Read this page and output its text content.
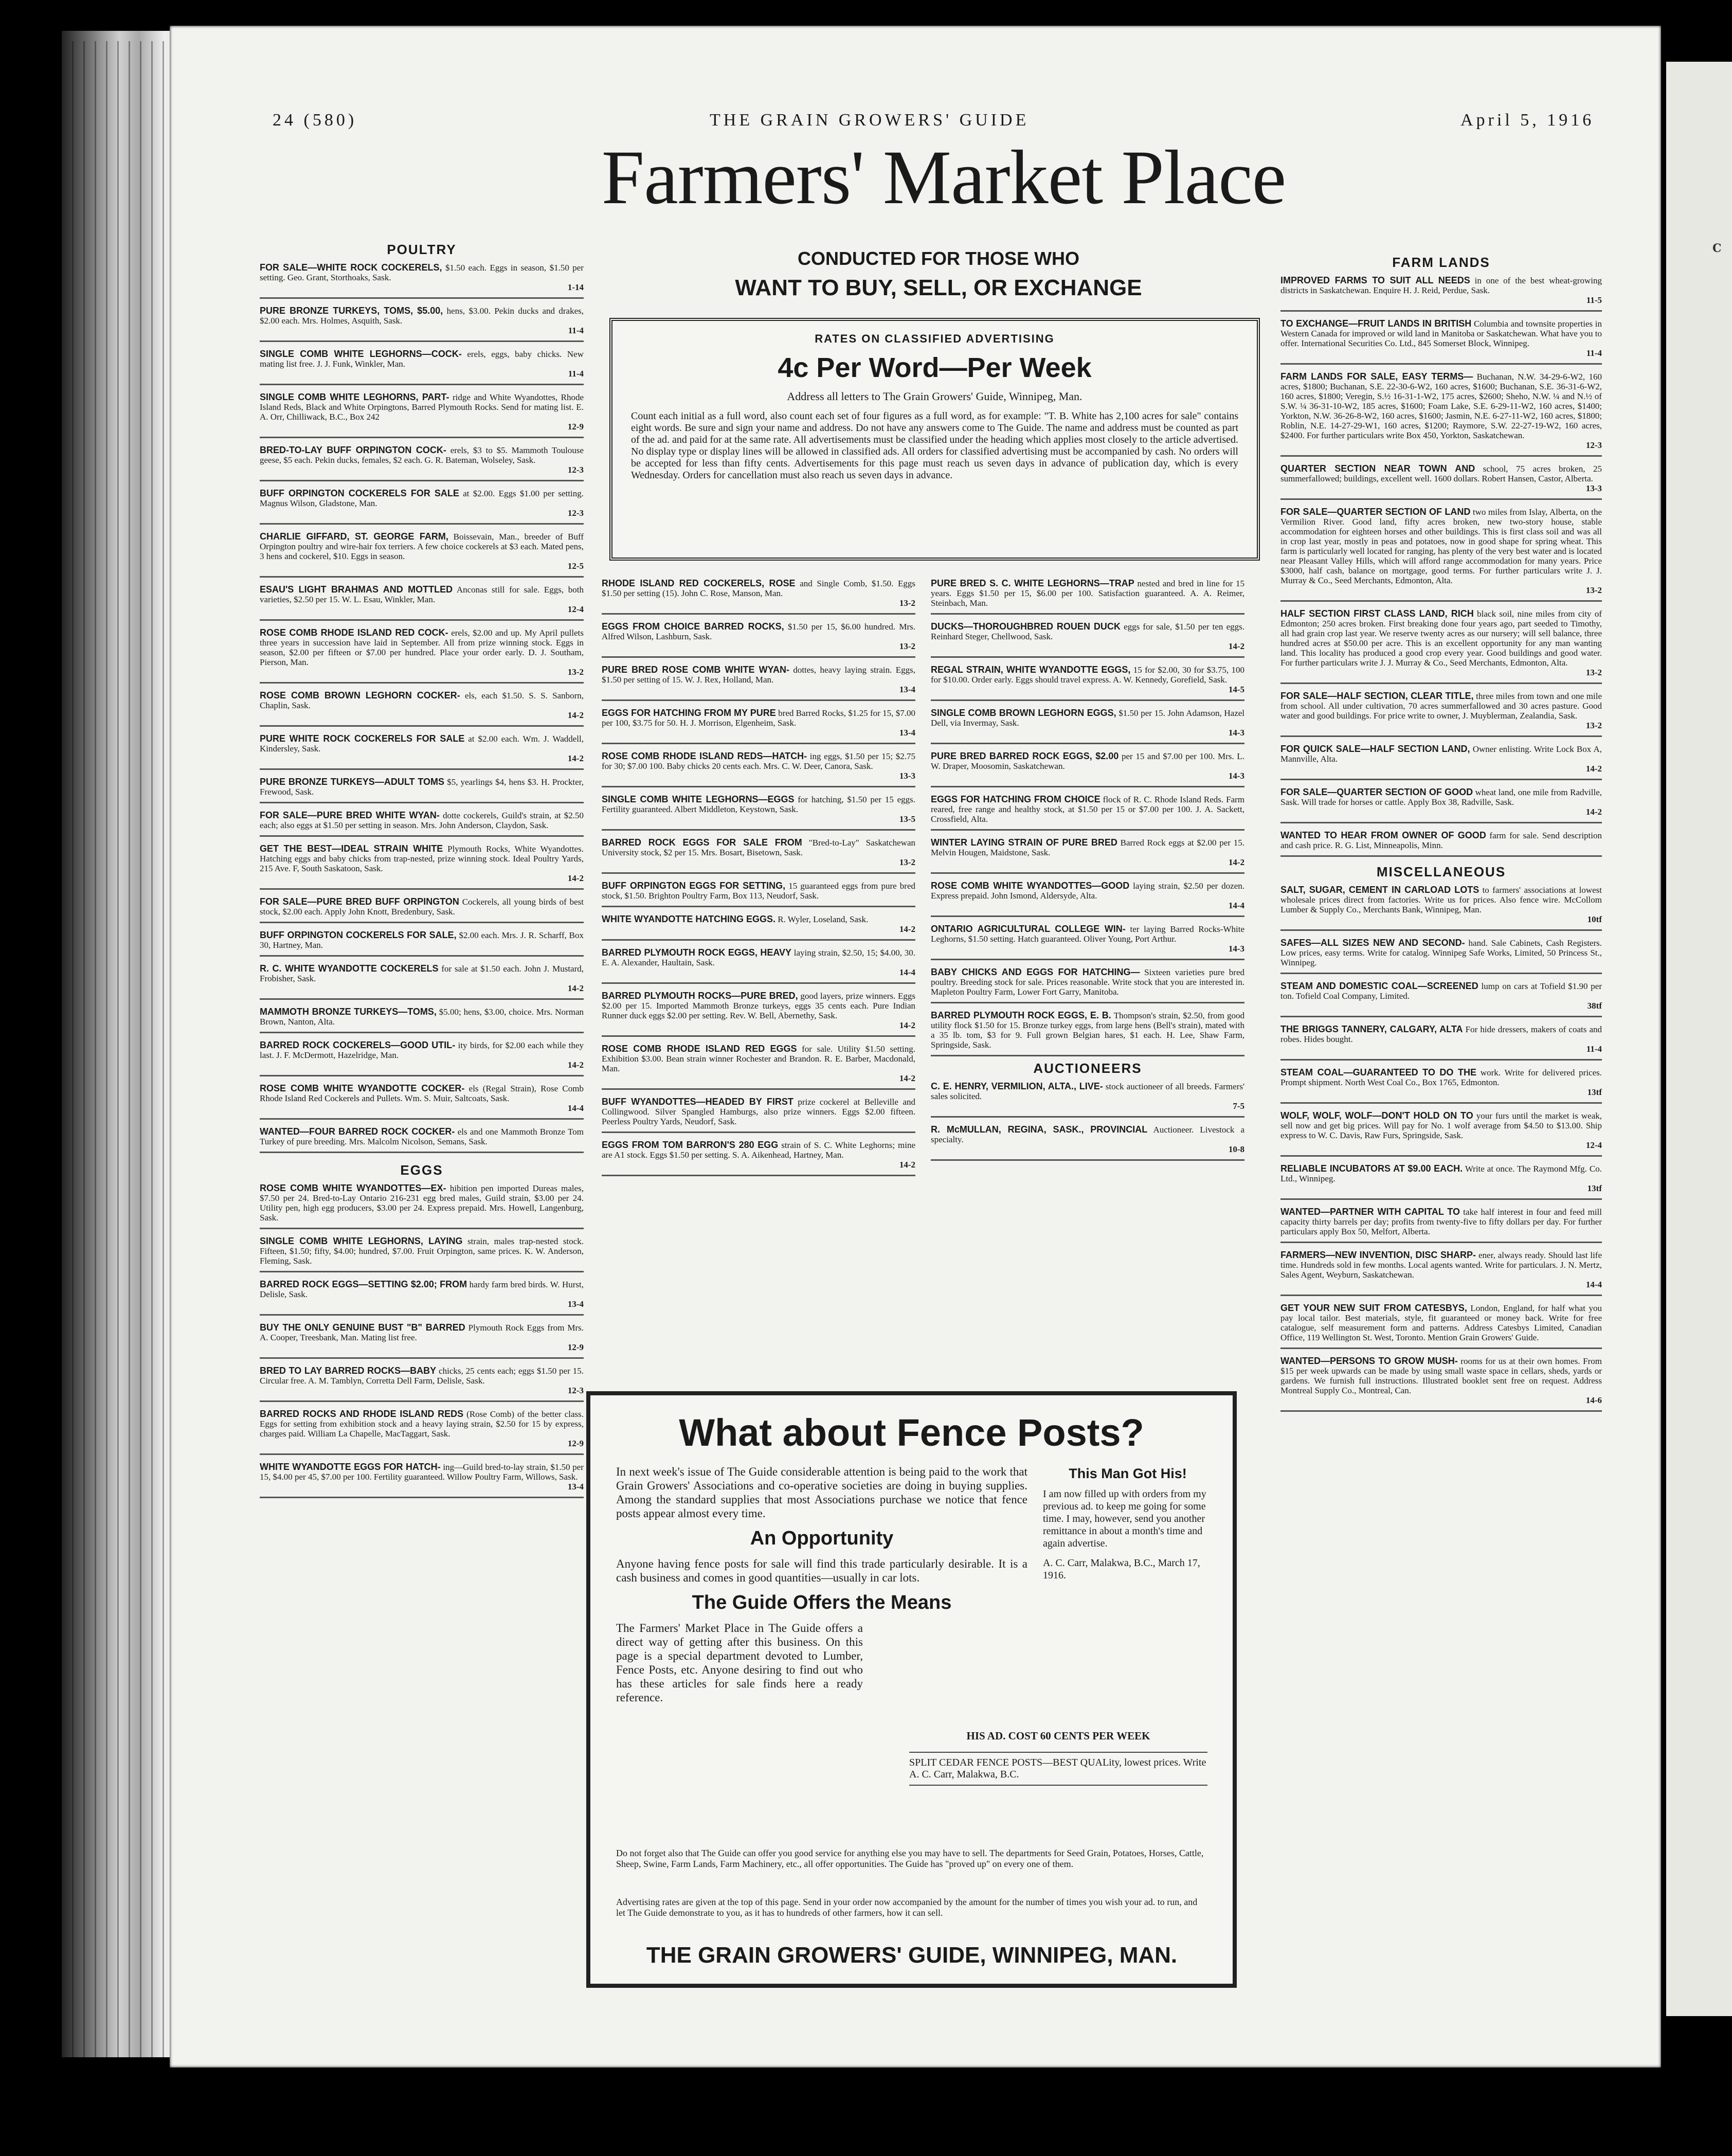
24 (580)	THE GRAIN GROWERS' GUIDE	April 5, 1916
Farmers' Market Place
CONDUCTED FOR THOSE WHO
WANT TO BUY, SELL, OR EXCHANGE
RATES ON CLASSIFIED ADVERTISING
4c Per Word—Per Week
Address all letters to The Grain Growers' Guide, Winnipeg, Man.
Count each initial as a full word, also count each set of four figures as a full word, as for example: "T. B. White has 2,100 acres for sale" contains eight words. Be sure and sign your name and address. Do not have any answers come to The Guide. The name and address must be counted as part of the ad. and paid for at the same rate. All advertisements must be classified under the heading which applies most closely to the article advertised. No display type or display lines will be allowed in classified ads. All orders for classified advertising must be accompanied by cash. No orders will be accepted for less than fifty cents. Advertisements for this page must reach us seven days in advance of publication day, which is every Wednesday. Orders for cancellation must also reach us seven days in advance.
POULTRY
FOR SALE—WHITE ROCK COCKERELS, $1.50 each. Eggs in season, $1.50 per setting. Geo. Grant, Storthoaks, Sask.
1-14
PURE BRONZE TURKEYS, TOMS, $5.00, hens, $3.00. Pekin ducks and drakes, $2.00 each. Mrs. Holmes, Asquith, Sask.
11-4
SINGLE COMB WHITE LEGHORNS—COCK- erels, eggs, baby chicks. New mating list free. J. J. Funk, Winkler, Man.
11-4
SINGLE COMB WHITE LEGHORNS, PART- ridge and White Wyandottes, Rhode Island Reds, Black and White Orpingtons, Barred Plymouth Rocks. Send for mating list. E. A. Orr, Chilliwack, B.C., Box 242
12-9
BRED-TO-LAY BUFF ORPINGTON COCK- erels, $3 to $5. Mammoth Toulouse geese, $5 each. Pekin ducks, females, $2 each. G. R. Bateman, Wolseley, Sask.
12-3
BUFF ORPINGTON COCKERELS FOR SALE at $2.00. Eggs $1.00 per setting. Magnus Wilson, Gladstone, Man.
12-3
CHARLIE GIFFARD, ST. GEORGE FARM, Boissevain, Man., breeder of Buff Orpington poultry and wire-hair fox terriers. A few choice cockerels at $3 each. Mated pens, 3 hens and cockerel, $10. Eggs in season.
12-5
ESAU'S LIGHT BRAHMAS AND MOTTLED Anconas still for sale. Eggs, both varieties, $2.50 per 15. W. L. Esau, Winkler, Man.
12-4
ROSE COMB RHODE ISLAND RED COCK- erels, $2.00 and up. My April pullets three years in succession have laid in September. All from prize winning stock. Eggs in season, $2.00 per fifteen or $7.00 per hundred. Place your order early. D. J. Southam, Pierson, Man.
13-2
ROSE COMB BROWN LEGHORN COCKER- els, each $1.50. S. S. Sanborn, Chaplin, Sask.
14-2
PURE WHITE ROCK COCKERELS FOR SALE at $2.00 each. Wm. J. Waddell, Kindersley, Sask.
14-2
PURE BRONZE TURKEYS—ADULT TOMS $5, yearlings $4, hens $3. H. Prockter, Frewood, Sask.
FOR SALE—PURE BRED WHITE WYAN- dotte cockerels, Guild's strain, at $2.50 each; also eggs at $1.50 per setting in season. Mrs. John Anderson, Claydon, Sask.
GET THE BEST—IDEAL STRAIN WHITE Plymouth Rocks, White Wyandottes. Hatching eggs and baby chicks from trap-nested, prize winning stock. Ideal Poultry Yards, 215 Ave. F, South Saskatoon, Sask.
14-2
FOR SALE—PURE BRED BUFF ORPINGTON Cockerels, all young birds of best stock, $2.00 each. Apply John Knott, Bredenbury, Sask.
BUFF ORPINGTON COCKERELS FOR SALE, $2.00 each. Mrs. J. R. Scharff, Box 30, Hartney, Man.
R. C. WHITE WYANDOTTE COCKERELS for sale at $1.50 each. John J. Mustard, Frobisher, Sask.
14-2
MAMMOTH BRONZE TURKEYS—TOMS, $5.00; hens, $3.00, choice. Mrs. Norman Brown, Nanton, Alta.
BARRED ROCK COCKERELS—GOOD UTIL- ity birds, for $2.00 each while they last. J. F. McDermott, Hazelridge, Man.
14-2
ROSE COMB WHITE WYANDOTTE COCKER- els (Regal Strain), Rose Comb Rhode Island Red Cockerels and Pullets. Wm. S. Muir, Saltcoats, Sask.
14-4
WANTED—FOUR BARRED ROCK COCKER- els and one Mammoth Bronze Tom Turkey of pure breeding. Mrs. Malcolm Nicolson, Semans, Sask.
EGGS
ROSE COMB WHITE WYANDOTTES—EX- hibition pen imported Dureas males, $7.50 per 24. Bred-to-Lay Ontario 216-231 egg bred males, Guild strain, $3.00 per 24. Utility pen, high egg producers, $3.00 per 24. Express prepaid. Mrs. Howell, Langenburg, Sask.
SINGLE COMB WHITE LEGHORNS, LAYING strain, males trap-nested stock. Fifteen, $1.50; fifty, $4.00; hundred, $7.00. Fruit Orpington, same prices. K. W. Anderson, Fleming, Sask.
BARRED ROCK EGGS—SETTING $2.00; FROM hardy farm bred birds. W. Hurst, Delisle, Sask.
13-4
BUY THE ONLY GENUINE BUST "B" BARRED Plymouth Rock Eggs from Mrs. A. Cooper, Treesbank, Man. Mating list free.
12-9
BRED TO LAY BARRED ROCKS—BABY chicks, 25 cents each; eggs $1.50 per 15. Circular free. A. M. Tamblyn, Corretta Dell Farm, Delisle, Sask.
12-3
BARRED ROCKS AND RHODE ISLAND REDS (Rose Comb) of the better class. Eggs for setting from exhibition stock and a heavy laying strain, $2.50 for 15 by express, charges paid. William La Chapelle, MacTaggart, Sask.
12-9
WHITE WYANDOTTE EGGS FOR HATCH- ing—Guild bred-to-lay strain, $1.50 per 15, $4.00 per 45, $7.00 per 100. Fertility guaranteed. Willow Poultry Farm, Willows, Sask.
13-4
RHODE ISLAND RED COCKERELS, ROSE and Single Comb, $1.50. Eggs $1.50 per setting (15). John C. Rose, Manson, Man.
13-2
EGGS FROM CHOICE BARRED ROCKS, $1.50 per 15, $6.00 hundred. Mrs. Alfred Wilson, Lashburn, Sask.
13-2
PURE BRED ROSE COMB WHITE WYAN- dottes, heavy laying strain. Eggs, $1.50 per setting of 15. W. J. Rex, Holland, Man.
13-4
EGGS FOR HATCHING FROM MY PURE bred Barred Rocks, $1.25 for 15, $7.00 per 100, $3.75 for 50. H. J. Morrison, Elgenheim, Sask.
13-4
ROSE COMB RHODE ISLAND REDS—HATCH- ing eggs, $1.50 per 15; $2.75 for 30; $7.00 100. Baby chicks 20 cents each. Mrs. C. W. Deer, Canora, Sask.
13-3
SINGLE COMB WHITE LEGHORNS—EGGS for hatching, $1.50 per 15 eggs. Fertility guaranteed. Albert Middleton, Keystown, Sask.
13-5
BARRED ROCK EGGS FOR SALE FROM "Bred-to-Lay" Saskatchewan University stock, $2 per 15. Mrs. Bosart, Bisetown, Sask.
13-2
BUFF ORPINGTON EGGS FOR SETTING, 15 guaranteed eggs from pure bred stock, $1.50. Brighton Poultry Farm, Box 113, Neudorf, Sask.
WHITE WYANDOTTE HATCHING EGGS. R. Wyler, Loseland, Sask.
14-2
BARRED PLYMOUTH ROCK EGGS, HEAVY laying strain, $2.50, 15; $4.00, 30. E. A. Alexander, Haultain, Sask.
14-4
BARRED PLYMOUTH ROCKS—PURE BRED, good layers, prize winners. Eggs $2.00 per 15. Imported Mammoth Bronze turkeys, eggs 35 cents each. Pure Indian Runner duck eggs $2.00 per setting. Rev. W. Bell, Abernethy, Sask.
14-2
ROSE COMB RHODE ISLAND RED EGGS for sale. Utility $1.50 setting. Exhibition $3.00. Bean strain winner Rochester and Brandon. R. E. Barber, Macdonald, Man.
14-2
BUFF WYANDOTTES—HEADED BY FIRST prize cockerel at Belleville and Collingwood. Silver Spangled Hamburgs, also prize winners. Eggs $2.00 fifteen. Peerless Poultry Yards, Neudorf, Sask.
EGGS FROM TOM BARRON'S 280 EGG strain of S. C. White Leghorns; mine are A1 stock. Eggs $1.50 per setting. S. A. Aikenhead, Hartney, Man.
14-2
PURE BRED S. C. WHITE LEGHORNS—TRAP nested and bred in line for 15 years. Eggs $1.50 per 15, $6.00 per 100. Satisfaction guaranteed. A. A. Reimer, Steinbach, Man.
DUCKS—THOROUGHBRED ROUEN DUCK eggs for sale, $1.50 per ten eggs. Reinhard Steger, Chellwood, Sask.
14-2
REGAL STRAIN, WHITE WYANDOTTE EGGS, 15 for $2.00, 30 for $3.75, 100 for $10.00. Order early. Eggs should travel express. A. W. Kennedy, Gorefield, Sask.
14-5
SINGLE COMB BROWN LEGHORN EGGS, $1.50 per 15. John Adamson, Hazel Dell, via Invermay, Sask.
14-3
PURE BRED BARRED ROCK EGGS, $2.00 per 15 and $7.00 per 100. Mrs. L. W. Draper, Moosomin, Saskatchewan.
14-3
EGGS FOR HATCHING FROM CHOICE flock of R. C. Rhode Island Reds. Farm reared, free range and healthy stock, at $1.50 per 15 or $7.00 per 100. J. A. Sackett, Crossfield, Alta.
WINTER LAYING STRAIN OF PURE BRED Barred Rock eggs at $2.00 per 15. Melvin Hougen, Maidstone, Sask.
14-2
ROSE COMB WHITE WYANDOTTES—GOOD laying strain, $2.50 per dozen. Express prepaid. John Ismond, Aldersyde, Alta.
14-4
ONTARIO AGRICULTURAL COLLEGE WIN- ter laying Barred Rocks-White Leghorns, $1.50 setting. Hatch guaranteed. Oliver Young, Port Arthur.
14-3
BABY CHICKS AND EGGS FOR HATCHING— Sixteen varieties pure bred poultry. Breeding stock for sale. Prices reasonable. Write stock that you are interested in. Mapleton Poultry Farm, Lower Fort Garry, Manitoba.
BARRED PLYMOUTH ROCK EGGS, E. B. Thompson's strain, $2.50, from good utility flock $1.50 for 15. Bronze turkey eggs, from large hens (Bell's strain), mated with a 35 lb. tom, $3 for 9. Full grown Belgian hares, $1 each. H. Lee, Shaw Farm, Springside, Sask.
AUCTIONEERS
C. E. HENRY, VERMILION, ALTA., LIVE- stock auctioneer of all breeds. Farmers' sales solicited.
7-5
R. McMULLAN, REGINA, SASK., PROVINCIAL Auctioneer. Livestock a specialty.
10-8
FARM LANDS
IMPROVED FARMS TO SUIT ALL NEEDS in one of the best wheat-growing districts in Saskatchewan. Enquire H. J. Reid, Perdue, Sask.
11-5
TO EXCHANGE—FRUIT LANDS IN BRITISH Columbia and townsite properties in Western Canada for improved or wild land in Manitoba or Saskatchewan. What have you to offer. International Securities Co. Ltd., 845 Somerset Block, Winnipeg.
11-4
FARM LANDS FOR SALE, EASY TERMS— Buchanan, N.W. 34-29-6-W2, 160 acres, $1800; Buchanan, S.E. 22-30-6-W2, 160 acres, $1600; Buchanan, S.E. 36-31-6-W2, 160 acres, $1800; Veregin, S.½ 16-31-1-W2, 175 acres, $2600; Sheho, N.W. ¼ and N.½ of S.W. ¼ 36-31-10-W2, 185 acres, $1600; Foam Lake, S.E. 6-29-11-W2, 160 acres, $1400; Yorkton, N.W. 36-26-8-W2, 160 acres, $1600; Jasmin, N.E. 6-27-11-W2, 160 acres, $1800; Roblin, N.E. 14-27-29-W1, 160 acres, $1200; Raymore, S.W. 22-27-19-W2, 160 acres, $2400. For further particulars write Box 450, Yorkton, Saskatchewan.
12-3
QUARTER SECTION NEAR TOWN AND school, 75 acres broken, 25 summerfallowed; buildings, excellent well. 1600 dollars. Robert Hansen, Castor, Alberta.
13-3
FOR SALE—QUARTER SECTION OF LAND two miles from Islay, Alberta, on the Vermilion River. Good land, fifty acres broken, new two-story house, stable accommodation for eighteen horses and other buildings. This is first class soil and was all in crop last year, mostly in peas and potatoes, now in good shape for spring wheat. This farm is particularly well located for ranging, has plenty of the very best water and is located near Pleasant Valley Hills, which will afford range accommodation for many years. Price $3000, half cash, balance on mortgage, good terms. For further particulars write J. J. Murray & Co., Seed Merchants, Edmonton, Alta.
13-2
HALF SECTION FIRST CLASS LAND, RICH black soil, nine miles from city of Edmonton; 250 acres broken. First breaking done four years ago, part seeded to Timothy, all had grain crop last year. We reserve twenty acres as our nursery; will sell balance, three hundred acres at $50.00 per acre. This is an excellent opportunity for any man wanting land. This locality has produced a good crop every year. Good buildings and good water. For further particulars write J. J. Murray & Co., Seed Merchants, Edmonton, Alta.
13-2
FOR SALE—HALF SECTION, CLEAR TITLE, three miles from town and one mile from school. All under cultivation, 70 acres summerfallowed and 30 acres pasture. Good water and good buildings. For price write to owner, J. Muyblerman, Zealandia, Sask.
13-2
FOR QUICK SALE—HALF SECTION LAND, Owner enlisting. Write Lock Box A, Mannville, Alta.
14-2
FOR SALE—QUARTER SECTION OF GOOD wheat land, one mile from Radville, Sask. Will trade for horses or cattle. Apply Box 38, Radville, Sask.
14-2
WANTED TO HEAR FROM OWNER OF GOOD farm for sale. Send description and cash price. R. G. List, Minneapolis, Minn.
MISCELLANEOUS
SALT, SUGAR, CEMENT IN CARLOAD LOTS to farmers' associations at lowest wholesale prices direct from factories. Write us for prices. Also fence wire. McCollom Lumber & Supply Co., Merchants Bank, Winnipeg, Man.
10tf
SAFES—ALL SIZES NEW AND SECOND- hand. Sale Cabinets, Cash Registers. Low prices, easy terms. Write for catalog. Winnipeg Safe Works, Limited, 50 Princess St., Winnipeg.
STEAM AND DOMESTIC COAL—SCREENED lump on cars at Tofield $1.90 per ton. Tofield Coal Company, Limited.
38tf
THE BRIGGS TANNERY, CALGARY, ALTA For hide dressers, makers of coats and robes. Hides bought.
11-4
STEAM COAL—GUARANTEED TO DO THE work. Write for delivered prices. Prompt shipment. North West Coal Co., Box 1765, Edmonton.
13tf
WOLF, WOLF, WOLF—DON'T HOLD ON TO your furs until the market is weak, sell now and get big prices. Will pay for No. 1 wolf average from $4.50 to $13.00. Ship express to W. C. Davis, Raw Furs, Springside, Sask.
12-4
RELIABLE INCUBATORS AT $9.00 EACH. Write at once. The Raymond Mfg. Co. Ltd., Winnipeg.
13tf
WANTED—PARTNER WITH CAPITAL TO take half interest in four and feed mill capacity thirty barrels per day; profits from twenty-five to fifty dollars per day. For further particulars apply Box 50, Melfort, Alberta.
FARMERS—NEW INVENTION, DISC SHARP- ener, always ready. Should last life time. Hundreds sold in few months. Local agents wanted. Write for particulars. J. N. Mertz, Sales Agent, Weyburn, Saskatchewan.
14-4
GET YOUR NEW SUIT FROM CATESBYS, London, England, for half what you pay local tailor. Best materials, style, fit guaranteed or money back. Write for free catalogue, self measurement form and patterns. Address Catesbys Limited, Canadian Office, 119 Wellington St. West, Toronto. Mention Grain Growers' Guide.
WANTED—PERSONS TO GROW MUSH- rooms for us at their own homes. From $15 per week upwards can be made by using small waste space in cellars, sheds, yards or gardens. We furnish full instructions. Illustrated booklet sent free on request. Address Montreal Supply Co., Montreal, Can.
14-6
What about Fence Posts?
In next week's issue of The Guide considerable attention is being paid to the work that Grain Growers' Associations and co-operative societies are doing in buying supplies. Among the standard supplies that most Associations purchase we notice that fence posts appear almost every time.
An Opportunity
Anyone having fence posts for sale will find this trade particularly desirable. It is a cash business and comes in good quantities—usually in car lots.
The Guide Offers the Means
The Farmers' Market Place in The Guide offers a direct way of getting after this business. On this page is a special department devoted to Lumber, Fence Posts, etc. Anyone desiring to find out who has these articles for sale finds here a ready reference.
This Man Got His!
I am now filled up with orders from my previous ad. to keep me going for some time. I may, however, send you another remittance in about a month's time and again advertise.
A. C. Carr, Malakwa, B.C., March 17, 1916.
HIS AD. COST 60 CENTS PER WEEK
SPLIT CEDAR FENCE POSTS—BEST QUALity, lowest prices. Write A. C. Carr, Malakwa, B.C.
Do not forget also that The Guide can offer you good service for anything else you may have to sell. The departments for Seed Grain, Potatoes, Horses, Cattle, Sheep, Swine, Farm Lands, Farm Machinery, etc., all offer opportunities. The Guide has "proved up" on every one of them.
Advertising rates are given at the top of this page. Send in your order now accompanied by the amount for the number of times you wish your ad. to run, and let The Guide demonstrate to you, as it has to hundreds of other farmers, how it can sell.
THE GRAIN GROWERS' GUIDE, WINNIPEG, MAN.
C
